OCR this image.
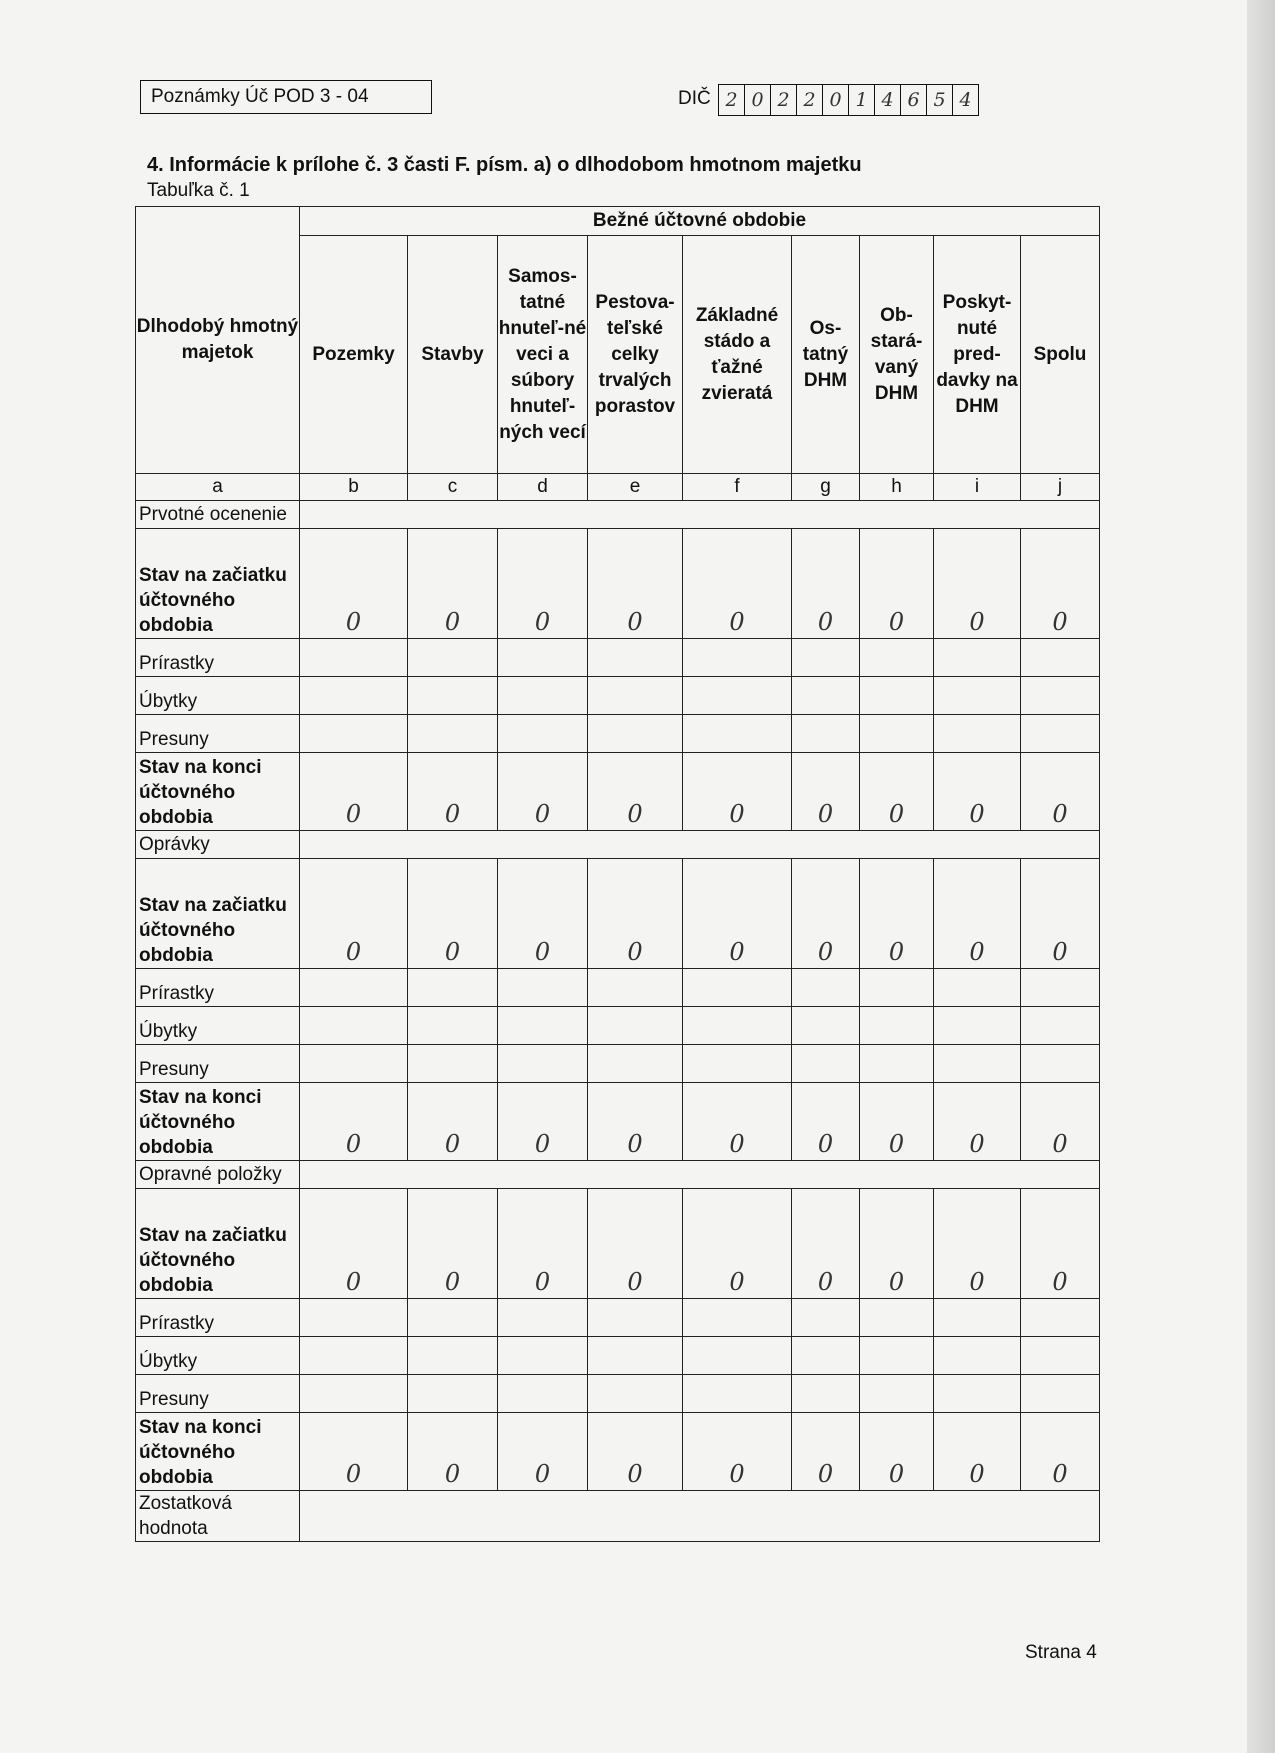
Poznámky Úč POD 3 - 04	DIČ 2 0 2 2 0 1 4 6 5 4
4. Informácie k prílohe č. 3 časti F. písm. a) o dlhodobom hmotnom majetku
Tabuľka č. 1
Dlhodobý hmotný majetok	Bežné účtovné obdobie								
	Pozemky	Stavby	Samos-tatné hnuteľ-né veci a súbory hnuteľ-ných vecí	Pestova-teľské celky trvalých porastov	Základné stádo a ťažné zvieratá	Os-tatný DHM	Ob-stará-vaný DHM	Poskyt-nuté pred-davky na DHM	Spolu
a	b	c	d	e	f	g	h	i	j
Prvotné ocenenie									
Stav na začiatku účtovného obdobia	0	0	0	0	0	0	0	0	0
Prírastky									
Úbytky									
Presuny									
Stav na konci účtovného obdobia	0	0	0	0	0	0	0	0	0
Oprávky									
Stav na začiatku účtovného obdobia	0	0	0	0	0	0	0	0	0
Prírastky									
Úbytky									
Presuny									
Stav na konci účtovného obdobia	0	0	0	0	0	0	0	0	0
Opravné položky									
Stav na začiatku účtovného obdobia	0	0	0	0	0	0	0	0	0
Prírastky									
Úbytky									
Presuny									
Stav na konci účtovného obdobia	0	0	0	0	0	0	0	0	0
Zostatková hodnota									
Strana 4
